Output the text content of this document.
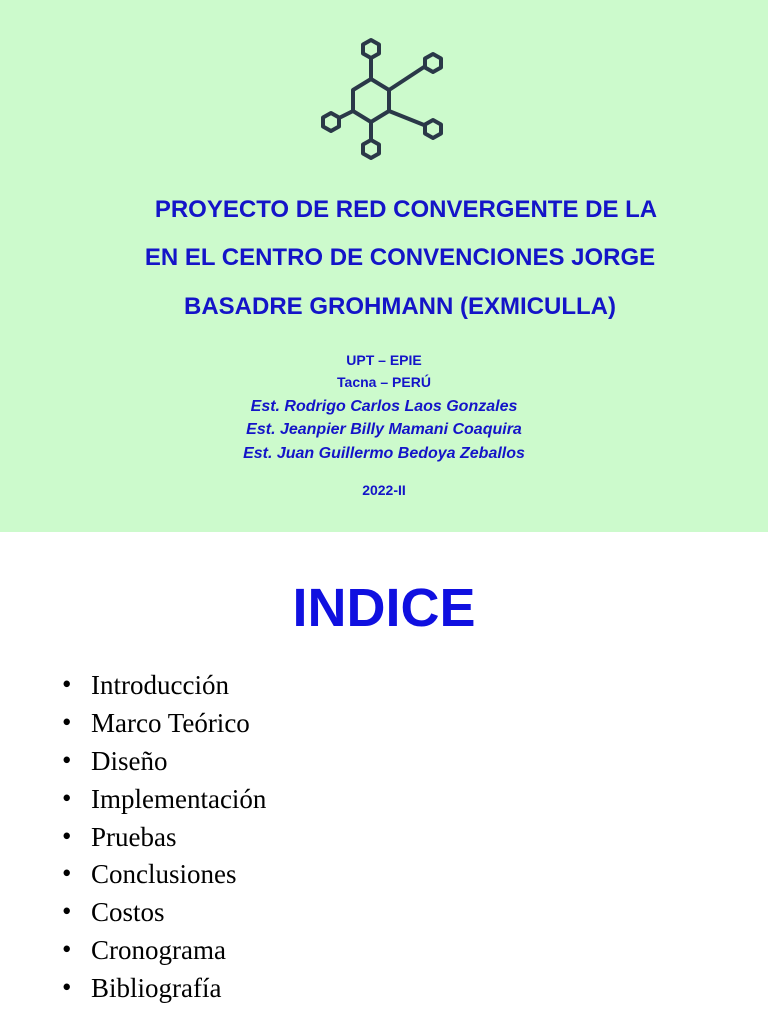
PROYECTO DE RED CONVERGENTE DE LA
EN EL CENTRO DE CONVENCIONES JORGE
BASADRE GROHMANN (EXMICULLA)

UPT – EPIE

Tacna – PERÚ

Est. Rodrigo Carlos Laos Gonzales

Est. Jeanpier Billy Mamani Coaquira

Est. Juan Guillermo Bedoya Zeballos

2022-II

INDICE
• Introducción
• Marco Teórico
• Diseño
• Implementación
• Pruebas
• Conclusiones
• Costos
• Cronograma
• Bibliografía
